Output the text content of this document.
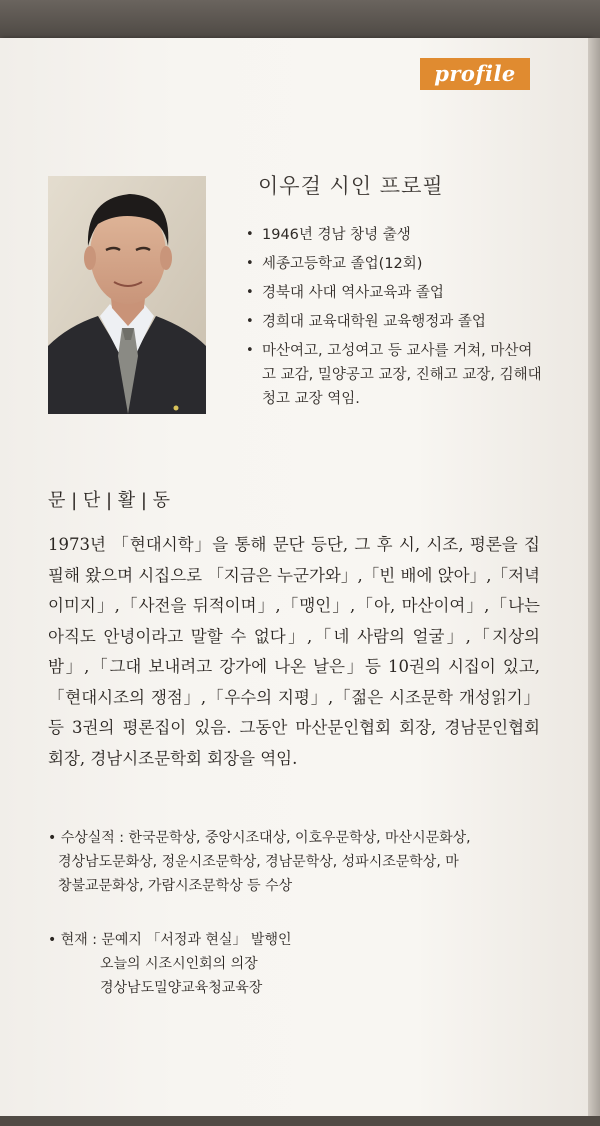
profile
이우걸 시인 프로필
• 1946년 경남 창녕 출생
• 세종고등학교 졸업(12회)
• 경북대 사대 역사교육과 졸업
• 경희대 교육대학원 교육행정과 졸업
• 마산여고, 고성여고 등 교사를 거쳐, 마산여고 교감, 밀양공고 교장, 진해고 교장, 김해대청고 교장 역임.
문 | 단 | 활 | 동

1973년 「현대시학」을 통해 문단 등단, 그 후 시, 시조, 평론을 집필해 왔으며 시집으로 「지금은 누군가와」,「빈 배에 앉아」,「저녁이미지」,「사전을 뒤적이며」,「맹인」,「아, 마산이여」,「나는 아직도 안녕이라고 말할 수 없다」,「네 사람의 얼굴」,「지상의 밤」,「그대 보내려고 강가에 나온 날은」등 10권의 시집이 있고,「현대시조의 쟁점」,「우수의 지평」,「젊은 시조문학 개성읽기」 등 3권의 평론집이 있음. 그동안 마산문인협회 회장, 경남문인협회 회장, 경남시조문학회 회장을 역임.

• 수상실적 : 한국문학상, 중앙시조대상, 이호우문학상, 마산시문화상,
경상남도문화상, 정운시조문학상, 경남문학상, 성파시조문학상, 마
창불교문화상, 가람시조문학상 등 수상
• 현재 : 문예지 「서정과 현실」 발행인
오늘의 시조시인회의 의장
경상남도밀양교육청교육장
